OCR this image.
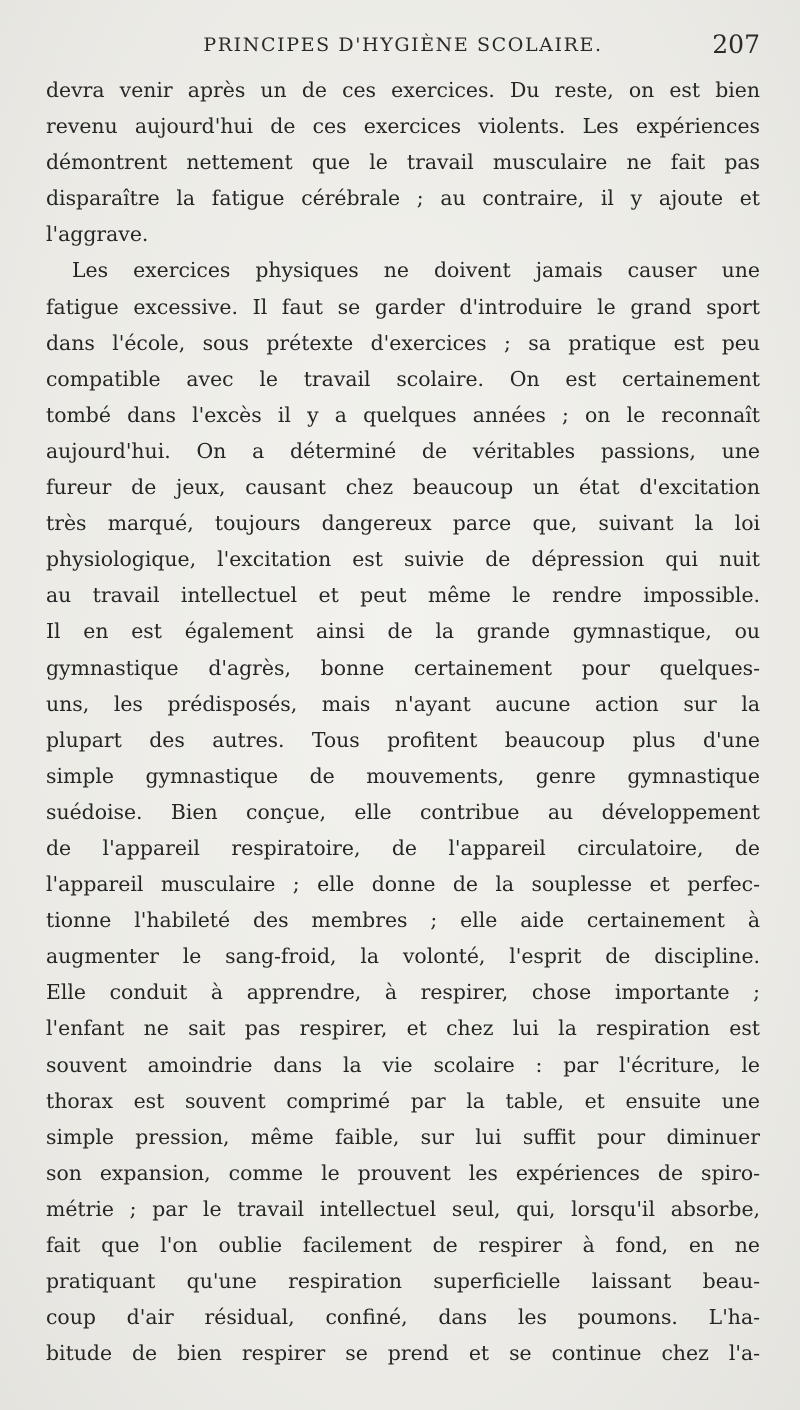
PRINCIPES D'HYGIÈNE SCOLAIRE.	207
devra venir après un de ces exercices. Du reste, on est bien
revenu aujourd'hui de ces exercices violents. Les expériences
démontrent nettement que le travail musculaire ne fait pas
disparaître la fatigue cérébrale ; au contraire, il y ajoute et
l'aggrave.
Les exercices physiques ne doivent jamais causer une
fatigue excessive. Il faut se garder d'introduire le grand sport
dans l'école, sous prétexte d'exercices ; sa pratique est peu
compatible avec le travail scolaire. On est certainement
tombé dans l'excès il y a quelques années ; on le reconnaît
aujourd'hui. On a déterminé de véritables passions, une
fureur de jeux, causant chez beaucoup un état d'excitation
très marqué, toujours dangereux parce que, suivant la loi
physiologique, l'excitation est suivie de dépression qui nuit
au travail intellectuel et peut même le rendre impossible.
Il en est également ainsi de la grande gymnastique, ou
gymnastique d'agrès, bonne certainement pour quelques-
uns, les prédisposés, mais n'ayant aucune action sur la
plupart des autres. Tous profitent beaucoup plus d'une
simple gymnastique de mouvements, genre gymnastique
suédoise. Bien conçue, elle contribue au développement
de l'appareil respiratoire, de l'appareil circulatoire, de
l'appareil musculaire ; elle donne de la souplesse et perfec-
tionne l'habileté des membres ; elle aide certainement à
augmenter le sang-froid, la volonté, l'esprit de discipline.
Elle conduit à apprendre, à respirer, chose importante ;
l'enfant ne sait pas respirer, et chez lui la respiration est
souvent amoindrie dans la vie scolaire : par l'écriture, le
thorax est souvent comprimé par la table, et ensuite une
simple pression, même faible, sur lui suffit pour diminuer
son expansion, comme le prouvent les expériences de spiro-
métrie ; par le travail intellectuel seul, qui, lorsqu'il absorbe,
fait que l'on oublie facilement de respirer à fond, en ne
pratiquant qu'une respiration superficielle laissant beau-
coup d'air résidual, confiné, dans les poumons. L'ha-
bitude de bien respirer se prend et se continue chez l'a-
